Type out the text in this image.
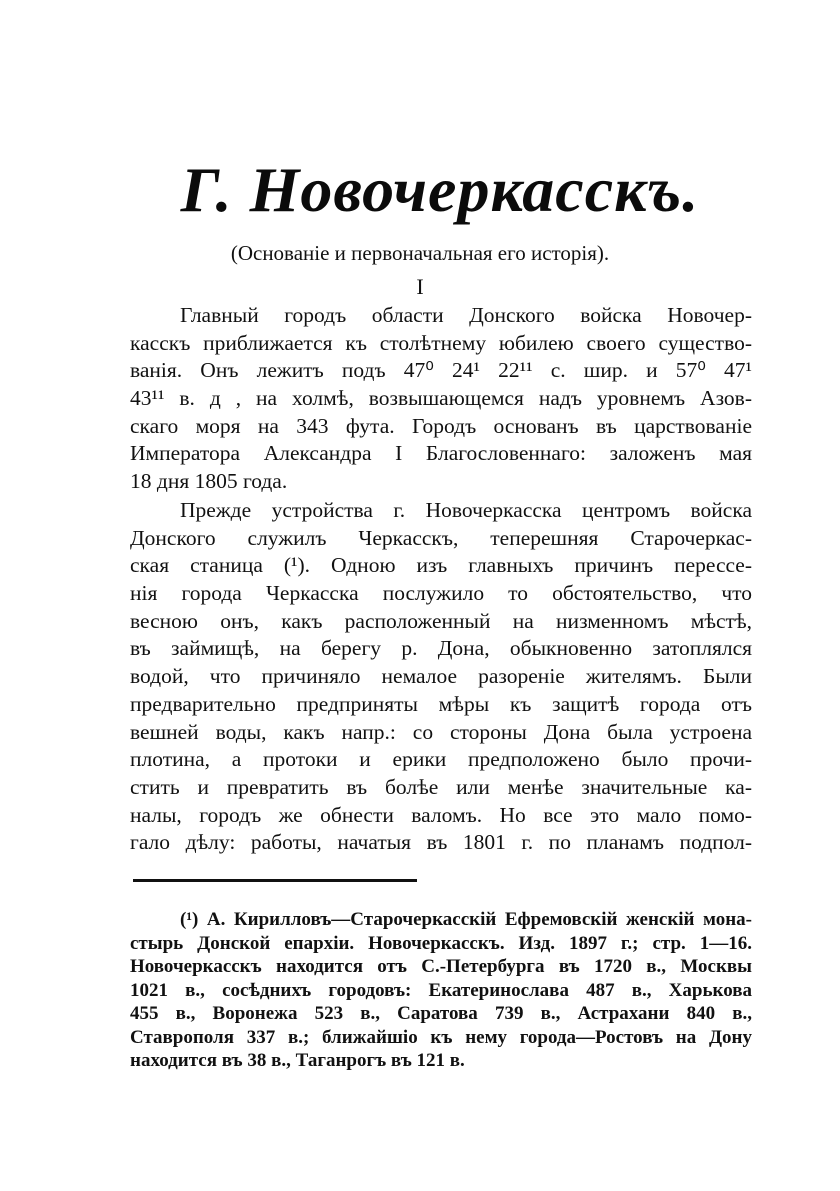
Г. Новочеркасскъ.
(Основаніе и первоначальная его исторія).
I
Главный городъ области Донского войска Новочер-
касскъ приближается къ столѣтнему юбилею своего существо-
ванія. Онъ лежитъ подъ 47⁰ 24¹ 22¹¹ с. шир. и 57⁰ 47¹
43¹¹ в. д , на холмѣ, возвышающемся надъ уровнемъ Азов-
скаго моря на 343 фута. Городъ основанъ въ царствованіе
Императора Александра I Благословеннаго: заложенъ мая
18 дня 1805 года.
Прежде устройства г. Новочеркасска центромъ войска
Донского служилъ Черкасскъ, теперешняя Старочеркас-
ская станица (¹). Одною изъ главныхъ причинъ перессе-
нія города Черкасска послужило то обстоятельство, что
весною онъ, какъ расположенный на низменномъ мѣстѣ,
въ займищѣ, на берегу р. Дона, обыкновенно затоплялся
водой, что причиняло немалое разореніе жителямъ. Были
предварительно предприняты мѣры къ защитѣ города отъ
вешней воды, какъ напр.: со стороны Дона была устроена
плотина, а протоки и ерики предположено было прочи-
стить и превратить въ болѣе или менѣе значительные ка-
налы, городъ же обнести валомъ. Но все это мало помо-
гало дѣлу: работы, начатыя въ 1801 г. по планамъ подпол-
(¹) А. Кирилловъ—Старочеркасскій Ефремовскій женскій мона-
стырь Донской епархіи. Новочеркасскъ. Изд. 1897 г.; стр. 1—16.
Новочеркасскъ находится отъ С.-Петербурга въ 1720 в., Москвы
1021 в., сосѣднихъ городовъ: Екатеринослава 487 в., Харькова
455 в., Воронежа 523 в., Саратова 739 в., Астрахани 840 в.,
Ставрополя 337 в.; ближайшіо къ нему города—Ростовъ на Дону
находится въ 38 в., Таганрогъ въ 121 в.
